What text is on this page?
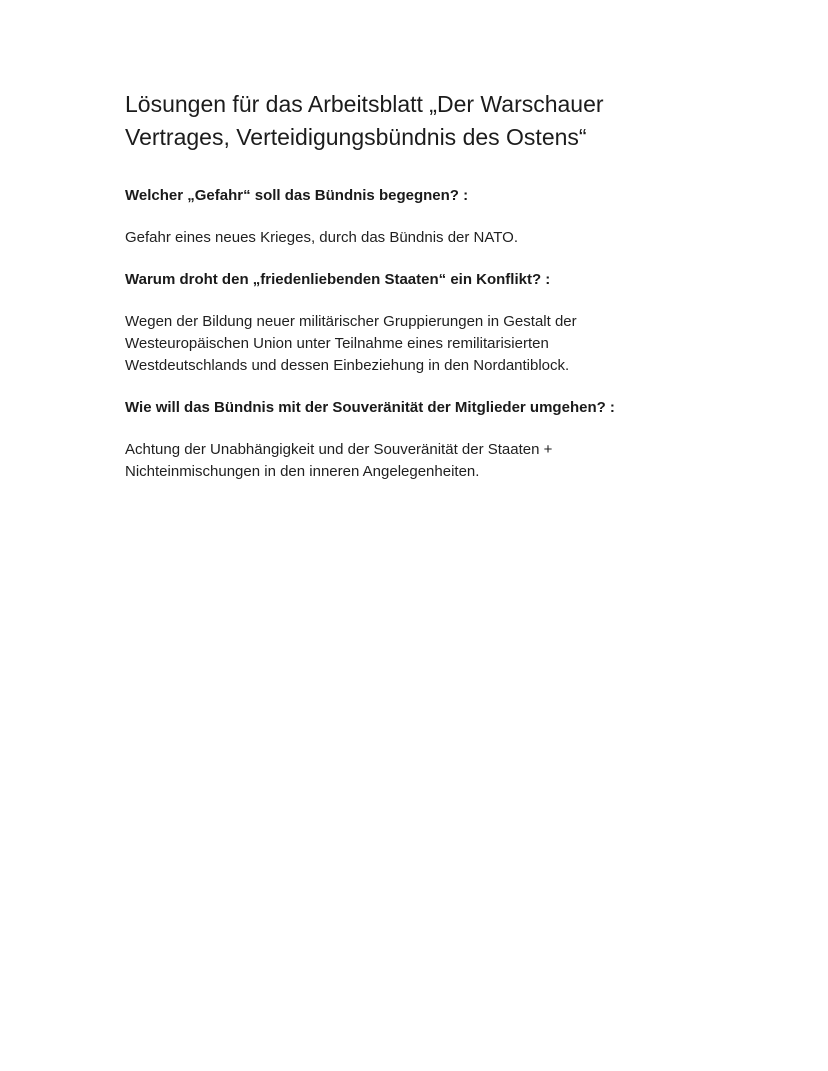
Lösungen für das Arbeitsblatt „Der Warschauer
Vertrages, Verteidigungsbündnis des Ostens“

Welcher „Gefahr“ soll das Bündnis begegnen? :

Gefahr eines neues Krieges, durch das Bündnis der NATO.

Warum droht den „friedenliebenden Staaten“ ein Konflikt? :

Wegen der Bildung neuer militärischer Gruppierungen in Gestalt der
Westeuropäischen Union unter Teilnahme eines remilitarisierten
Westdeutschlands und dessen Einbeziehung in den Nordantiblock.

Wie will das Bündnis mit der Souveränität der Mitglieder umgehen? :

Achtung der Unabhängigkeit und der Souveränität der Staaten +
Nichteinmischungen in den inneren Angelegenheiten.
